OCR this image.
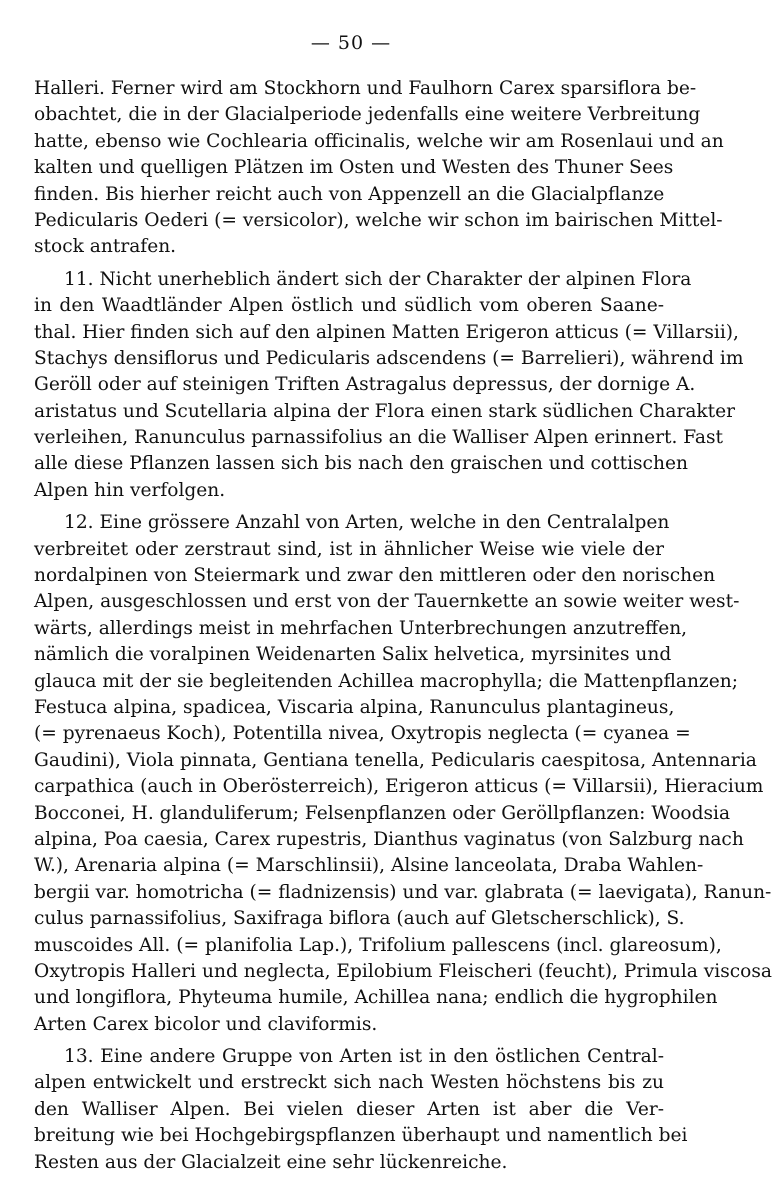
— 50 —
Halleri. Ferner wird am Stockhorn und Faulhorn Carex sparsiflora be-
obachtet, die in der Glacialperiode jedenfalls eine weitere Verbreitung
hatte, ebenso wie Cochlearia officinalis, welche wir am Rosenlaui und an
kalten und quelligen Plätzen im Osten und Westen des Thuner Sees
finden. Bis hierher reicht auch von Appenzell an die Glacialpflanze
Pedicularis Oederi (= versicolor), welche wir schon im bairischen Mittel-
stock antrafen.
11. Nicht unerheblich ändert sich der Charakter der alpinen Flora
in den Waadtländer Alpen östlich und südlich vom oberen Saane-
thal. Hier finden sich auf den alpinen Matten Erigeron atticus (= Villarsii),
Stachys densiflorus und Pedicularis adscendens (= Barrelieri), während im
Geröll oder auf steinigen Triften Astragalus depressus, der dornige A.
aristatus und Scutellaria alpina der Flora einen stark südlichen Charakter
verleihen, Ranunculus parnassifolius an die Walliser Alpen erinnert. Fast
alle diese Pflanzen lassen sich bis nach den graischen und cottischen
Alpen hin verfolgen.
12. Eine grössere Anzahl von Arten, welche in den Centralalpen
verbreitet oder zerstraut sind, ist in ähnlicher Weise wie viele der
nordalpinen von Steiermark und zwar den mittleren oder den norischen
Alpen, ausgeschlossen und erst von der Tauernkette an sowie weiter west-
wärts, allerdings meist in mehrfachen Unterbrechungen anzutreffen,
nämlich die voralpinen Weidenarten Salix helvetica, myrsinites und
glauca mit der sie begleitenden Achillea macrophylla; die Mattenpflanzen;
Festuca alpina, spadicea, Viscaria alpina, Ranunculus plantagineus,
(= pyrenaeus Koch), Potentilla nivea, Oxytropis neglecta (= cyanea =
Gaudini), Viola pinnata, Gentiana tenella, Pedicularis caespitosa, Antennaria
carpathica (auch in Oberösterreich), Erigeron atticus (= Villarsii), Hieracium
Bocconei, H. glanduliferum; Felsenpflanzen oder Geröllpflanzen: Woodsia
alpina, Poa caesia, Carex rupestris, Dianthus vaginatus (von Salzburg nach
W.), Arenaria alpina (= Marschlinsii), Alsine lanceolata, Draba Wahlen-
bergii var. homotricha (= fladnizensis) und var. glabrata (= laevigata), Ranun-
culus parnassifolius, Saxifraga biflora (auch auf Gletscherschlick), S.
muscoides All. (= planifolia Lap.), Trifolium pallescens (incl. glareosum),
Oxytropis Halleri und neglecta, Epilobium Fleischeri (feucht), Primula viscosa
und longiflora, Phyteuma humile, Achillea nana; endlich die hygrophilen
Arten Carex bicolor und claviformis.
13. Eine andere Gruppe von Arten ist in den östlichen Central-
alpen entwickelt und erstreckt sich nach Westen höchstens bis zu
den Walliser Alpen. Bei vielen dieser Arten ist aber die Ver-
breitung wie bei Hochgebirgspflanzen überhaupt und namentlich bei
Resten aus der Glacialzeit eine sehr lückenreiche.
